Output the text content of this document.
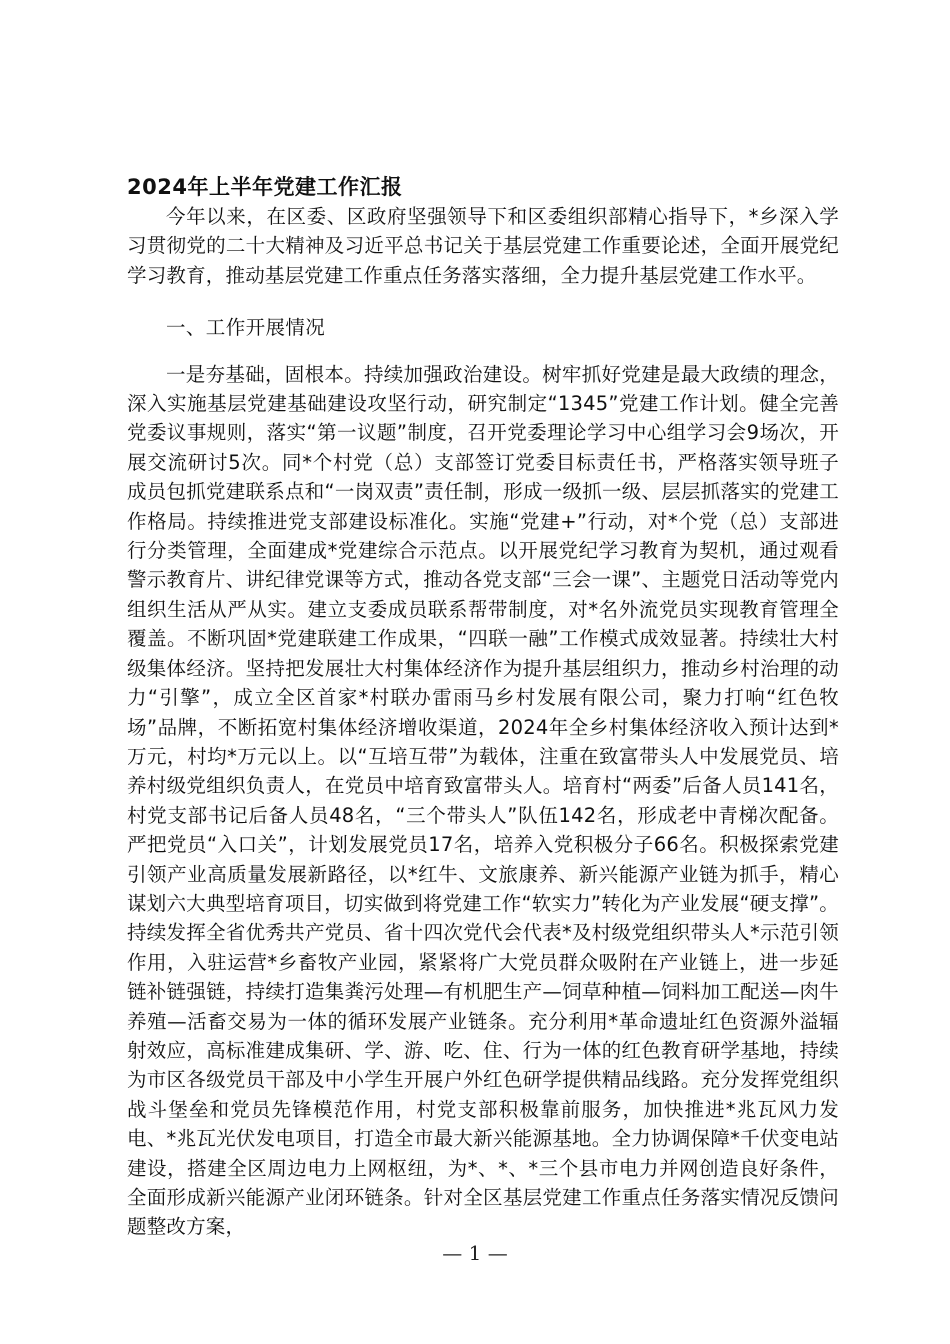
2024年上半年党建工作汇报

今年以来，在区委、区政府坚强领导下和区委组织部精心指导下，*乡深入学习贯彻党的二十大精神及习近平总书记关于基层党建工作重要论述，全面开展党纪学习教育，推动基层党建工作重点任务落实落细，全力提升基层党建工作水平。

一、工作开展情况

一是夯基础，固根本。持续加强政治建设。树牢抓好党建是最大政绩的理念，深入实施基层党建基础建设攻坚行动，研究制定“1345”党建工作计划。健全完善党委议事规则，落实“第一议题”制度，召开党委理论学习中心组学习会9场次，开展交流研讨5次。同*个村党（总）支部签订党委目标责任书，严格落实领导班子成员包抓党建联系点和“一岗双责”责任制，形成一级抓一级、层层抓落实的党建工作格局。持续推进党支部建设标准化。实施“党建+”行动，对*个党（总）支部进行分类管理，全面建成*党建综合示范点。以开展党纪学习教育为契机，通过观看警示教育片、讲纪律党课等方式，推动各党支部“三会一课”、主题党日活动等党内组织生活从严从实。建立支委成员联系帮带制度，对*名外流党员实现教育管理全覆盖。不断巩固*党建联建工作成果，“四联一融”工作模式成效显著。持续壮大村级集体经济。坚持把发展壮大村集体经济作为提升基层组织力，推动乡村治理的动力“引擎”，成立全区首家*村联办雷雨马乡村发展有限公司，聚力打响“红色牧场”品牌，不断拓宽村集体经济增收渠道，2024年全乡村集体经济收入预计达到*万元，村均*万元以上。以“互培互带”为载体，注重在致富带头人中发展党员、培养村级党组织负责人，在党员中培育致富带头人。培育村“两委”后备人员141名，村党支部书记后备人员48名，“三个带头人”队伍142名，形成老中青梯次配备。严把党员“入口关”，计划发展党员17名，培养入党积极分子66名。积极探索党建引领产业高质量发展新路径，以*红牛、文旅康养、新兴能源产业链为抓手，精心谋划六大典型培育项目，切实做到将党建工作“软实力”转化为产业发展“硬支撑”。持续发挥全省优秀共产党员、省十四次党代会代表*及村级党组织带头人*示范引领作用，入驻运营*乡畜牧产业园，紧紧将广大党员群众吸附在产业链上，进一步延链补链强链，持续打造集粪污处理—有机肥生产—饲草种植—饲料加工配送—肉牛养殖—活畜交易为一体的循环发展产业链条。充分利用*革命遗址红色资源外溢辐射效应，高标准建成集研、学、游、吃、住、行为一体的红色教育研学基地，持续为市区各级党员干部及中小学生开展户外红色研学提供精品线路。充分发挥党组织战斗堡垒和党员先锋模范作用，村党支部积极靠前服务，加快推进*兆瓦风力发电、*兆瓦光伏发电项目，打造全市最大新兴能源基地。全力协调保障*千伏变电站建设，搭建全区周边电力上网枢纽，为*、*、*三个县市电力并网创造良好条件，全面形成新兴能源产业闭环链条。针对全区基层党建工作重点任务落实情况反馈问题整改方案，

— 1 —
